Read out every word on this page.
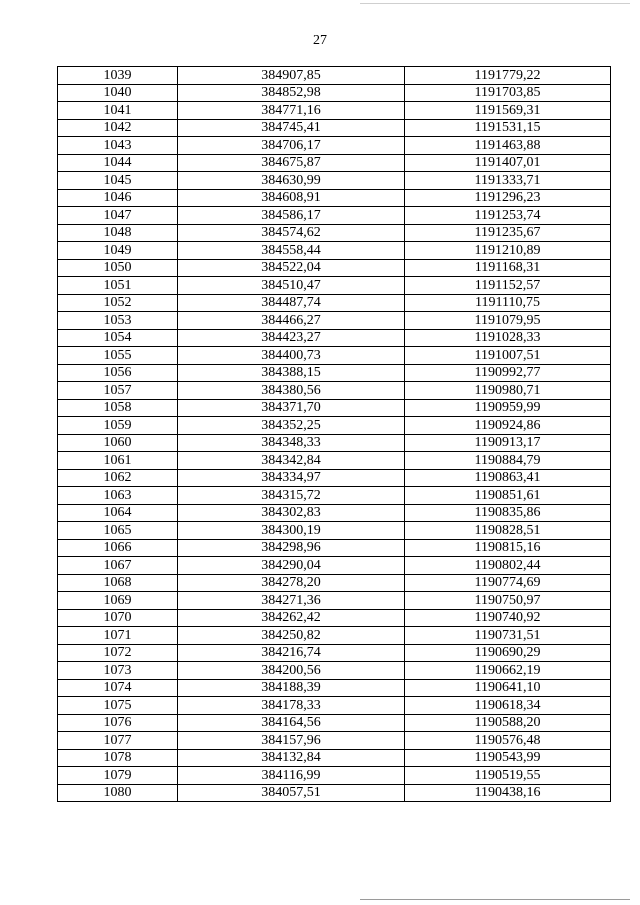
27
1039	384907,85	1191779,22
1040	384852,98	1191703,85
1041	384771,16	1191569,31
1042	384745,41	1191531,15
1043	384706,17	1191463,88
1044	384675,87	1191407,01
1045	384630,99	1191333,71
1046	384608,91	1191296,23
1047	384586,17	1191253,74
1048	384574,62	1191235,67
1049	384558,44	1191210,89
1050	384522,04	1191168,31
1051	384510,47	1191152,57
1052	384487,74	1191110,75
1053	384466,27	1191079,95
1054	384423,27	1191028,33
1055	384400,73	1191007,51
1056	384388,15	1190992,77
1057	384380,56	1190980,71
1058	384371,70	1190959,99
1059	384352,25	1190924,86
1060	384348,33	1190913,17
1061	384342,84	1190884,79
1062	384334,97	1190863,41
1063	384315,72	1190851,61
1064	384302,83	1190835,86
1065	384300,19	1190828,51
1066	384298,96	1190815,16
1067	384290,04	1190802,44
1068	384278,20	1190774,69
1069	384271,36	1190750,97
1070	384262,42	1190740,92
1071	384250,82	1190731,51
1072	384216,74	1190690,29
1073	384200,56	1190662,19
1074	384188,39	1190641,10
1075	384178,33	1190618,34
1076	384164,56	1190588,20
1077	384157,96	1190576,48
1078	384132,84	1190543,99
1079	384116,99	1190519,55
1080	384057,51	1190438,16
